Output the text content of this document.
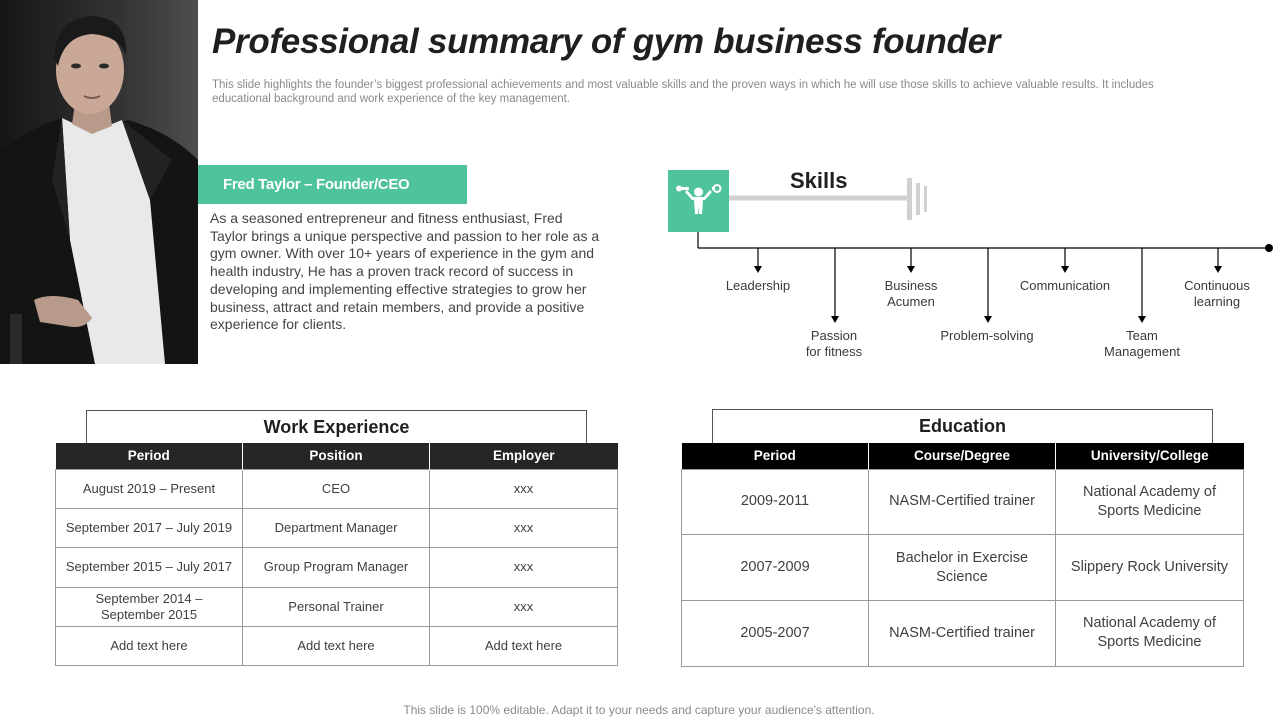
Professional summary of gym business founder
This slide highlights the founder’s biggest professional achievements and most valuable skills and the proven ways in which he will use those skills to achieve valuable results. It includes educational background and work experience of the key management.
Fred Taylor – Founder/CEO
As a seasoned entrepreneur and fitness enthusiast, Fred Taylor brings a unique perspective and passion to her role as a gym owner. With over 10+ years of experience in the gym and health industry, He has a proven track record of success in developing and implementing effective strategies to grow her business, attract and retain members, and provide a positive experience for clients.
Skills
Leadership	Business
Acumen
Communication	Continuous
learning
Passion
for fitness
Problem-solving	Team
Management
Work Experience
Period	Position	Employer
August 2019 – Present	CEO	xxx
September 2017 – July 2019	Department Manager	xxx
September 2015 – July 2017	Group Program Manager	xxx
September 2014 – September 2015	Personal Trainer	xxx
Add text here	Add text here	Add text here
Education
Period	Course/Degree	University/College
2009-2011	NASM-Certified trainer	National Academy of Sports Medicine
2007-2009	Bachelor in Exercise Science	Slippery Rock University
2005-2007	NASM-Certified trainer	National Academy of Sports Medicine
This slide is 100% editable. Adapt it to your needs and capture your audience's attention.
